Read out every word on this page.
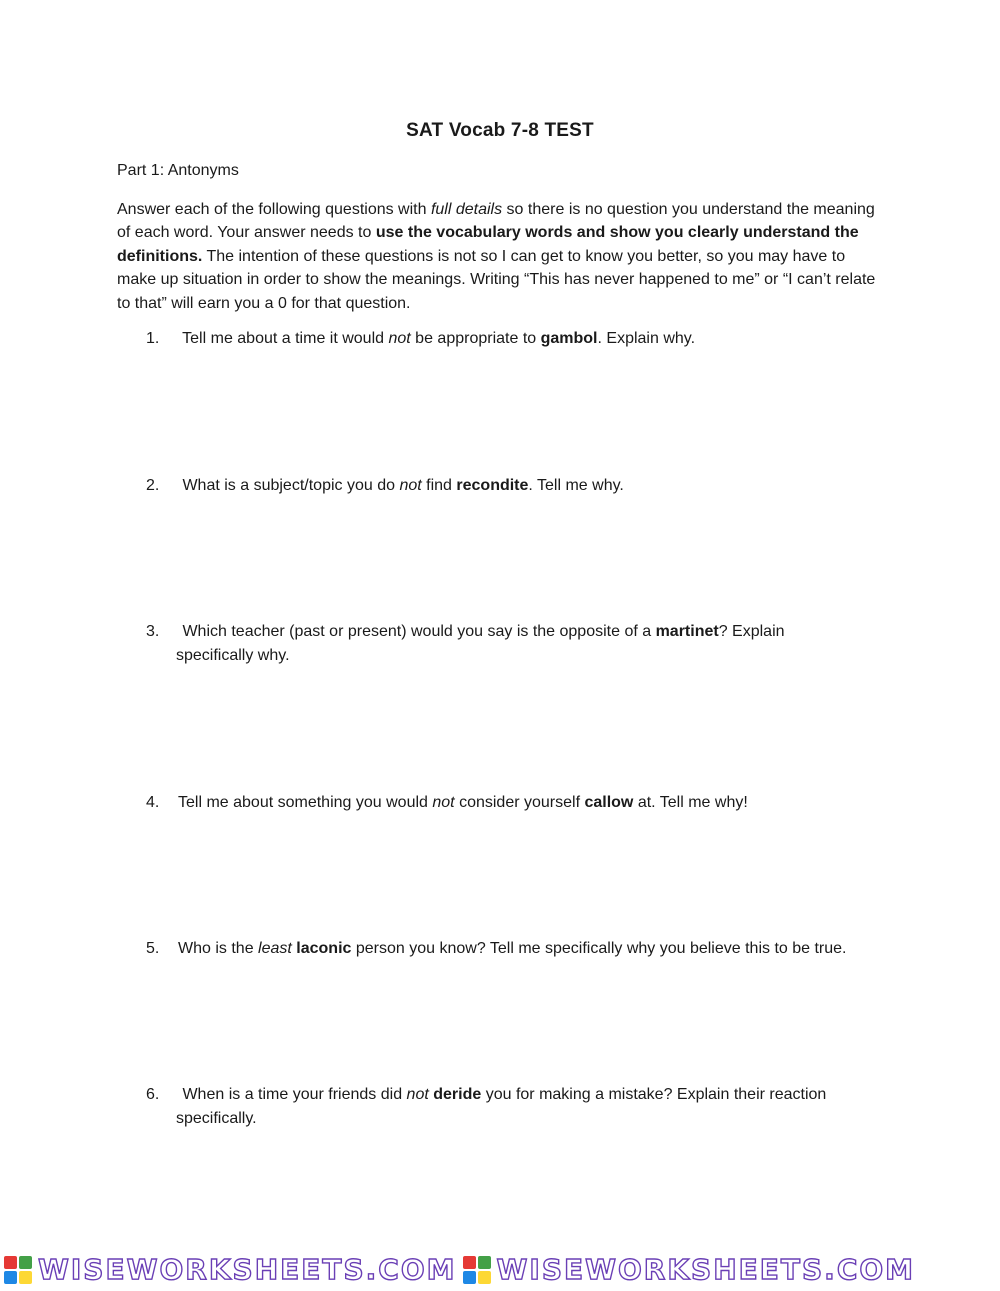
SAT Vocab 7-8 TEST
Part 1: Antonyms
Answer each of the following questions with full details so there is no question you understand the meaning of each word. Your answer needs to use the vocabulary words and show you clearly understand the definitions. The intention of these questions is not so I can get to know you better, so you may have to make up situation in order to show the meanings. Writing “This has never happened to me” or “I can’t relate to that” will earn you a 0 for that question.
1. Tell me about a time it would not be appropriate to gambol. Explain why.
2. What is a subject/topic you do not find recondite. Tell me why.
3. Which teacher (past or present) would you say is the opposite of a martinet? Explain
specifically why.
4. Tell me about something you would not consider yourself callow at. Tell me why!
5. Who is the least laconic person you know? Tell me specifically why you believe this to be true.
6. When is a time your friends did not deride you for making a mistake? Explain their reaction
specifically.
WISEWORKSHEETS.COM WISEWORKSHEETS.COM
